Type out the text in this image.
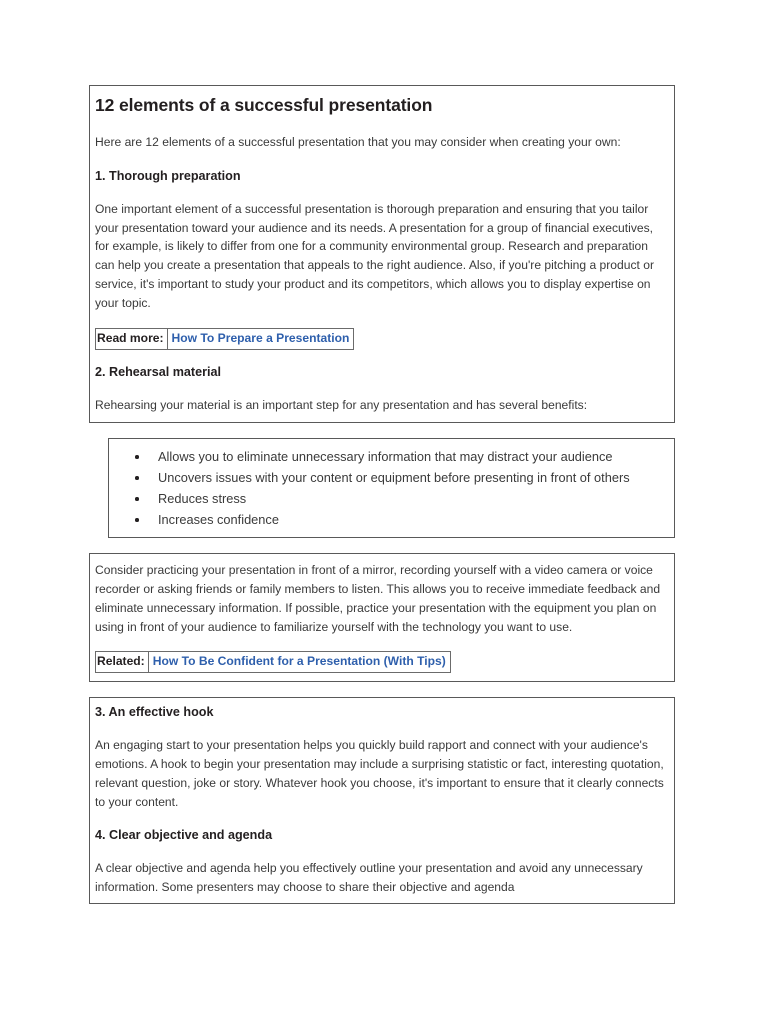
12 elements of a successful presentation

Here are 12 elements of a successful presentation that you may consider when creating your own:

1. Thorough preparation

One important element of a successful presentation is thorough preparation and ensuring that you tailor your presentation toward your audience and its needs. A presentation for a group of financial executives, for example, is likely to differ from one for a community environmental group. Research and preparation can help you create a presentation that appeals to the right audience. Also, if you're pitching a product or service, it's important to study your product and its competitors, which allows you to display expertise on your topic.

Read more: How To Prepare a Presentation
2. Rehearsal material

Rehearsing your material is an important step for any presentation and has several benefits:

Allows you to eliminate unnecessary information that may distract your audience
Uncovers issues with your content or equipment before presenting in front of others
Reduces stress
Increases confidence

Consider practicing your presentation in front of a mirror, recording yourself with a video camera or voice recorder or asking friends or family members to listen. This allows you to receive immediate feedback and eliminate unnecessary information. If possible, practice your presentation with the equipment you plan on using in front of your audience to familiarize yourself with the technology you want to use.

Related: How To Be Confident for a Presentation (With Tips)
3. An effective hook

An engaging start to your presentation helps you quickly build rapport and connect with your audience's emotions. A hook to begin your presentation may include a surprising statistic or fact, interesting quotation, relevant question, joke or story. Whatever hook you choose, it's important to ensure that it clearly connects to your content.

4. Clear objective and agenda

A clear objective and agenda help you effectively outline your presentation and avoid any unnecessary information. Some presenters may choose to share their objective and agenda
